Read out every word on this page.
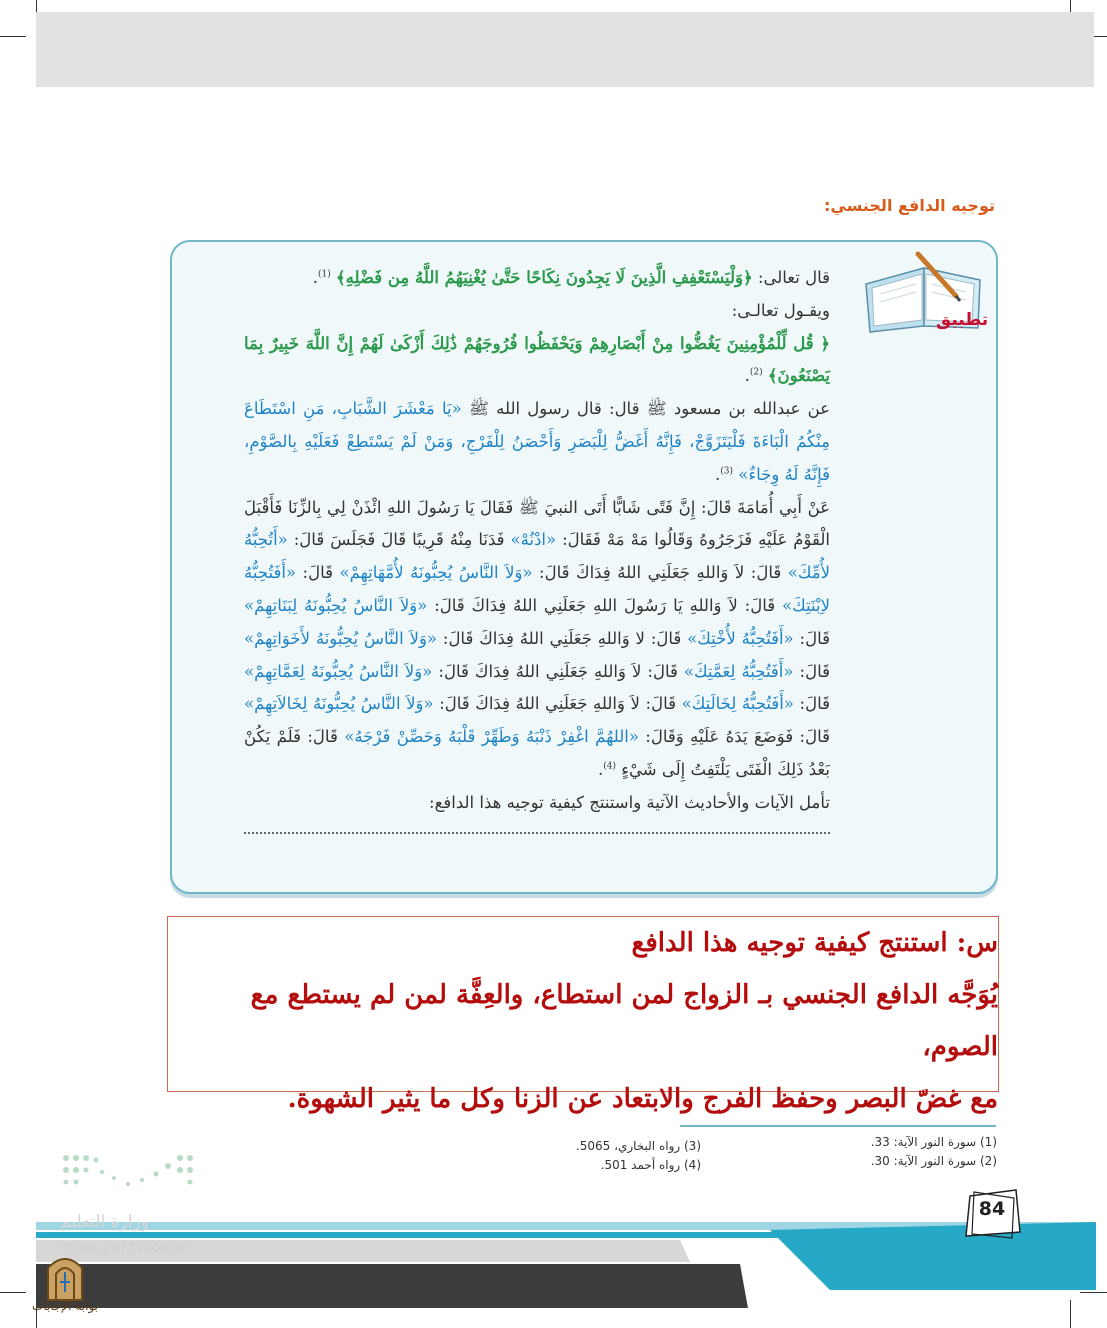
توجيه الدافع الجنسي:
تطبيق

قال تعالى: ﴿وَلْيَسْتَعْفِفِ الَّذِينَ لَا يَجِدُونَ نِكَاحًا حَتَّىٰ يُغْنِيَهُمُ اللَّهُ مِن فَضْلِهِ﴾ $^{(1)}$.

ويقـول تعالـى:

﴿ قُل لِّلْمُؤْمِنِينَ يَغُضُّوا مِنْ أَبْصَارِهِمْ وَيَحْفَظُوا فُرُوجَهُمْ ذَٰلِكَ أَزْكَىٰ لَهُمْ إِنَّ اللَّهَ خَبِيرٌ بِمَا يَصْنَعُونَ﴾ $^{(2)}$.

عن عبدالله بن مسعود ﷺ قال: قال رسول الله ﷺ «يَا مَعْشَرَ الشَّبَابِ، مَنِ اسْتَطَاعَ مِنْكُمُ الْبَاءَةَ فَلْيَتَزَوَّجْ، فَإِنَّهُ أَغَضُّ لِلْبَصَرِ وَأَحْصَنُ لِلْفَرْجِ، وَمَنْ لَمْ يَسْتَطِعْ فَعَلَيْهِ بِالصَّوْمِ، فَإِنَّهُ لَهُ وِجَاءٌ» $^{(3)}$.

عَنْ أَبِي أُمَامَةَ قَالَ: إِنَّ فَتًى شَابًّا أَتَى النبيَ ﷺ فَقَالَ يَا رَسُولَ اللهِ ائْذَنْ لِي بِالزِّنَا فَأَقْبَلَ الْقَوْمُ عَلَيْهِ فَزَجَرُوهُ وَقَالُوا مَهْ مَهْ فَقَالَ: «ادْنُهْ» فَدَنَا مِنْهُ قَرِيبًا قَالَ فَجَلَسَ قَالَ: «أَتُحِبُّهُ لأُمِّكَ» قَالَ: لاَ وَاللهِ جَعَلَنِي اللهُ فِدَاكَ قَالَ: «وَلاَ النَّاسُ يُحِبُّونَهُ لأُمَّهَاتِهِمْ» قَالَ: «أَفَتُحِبُّهُ لاِبْنَتِكَ» قَالَ: لاَ وَاللهِ يَا رَسُولَ اللهِ جَعَلَنِي اللهُ فِدَاكَ قَالَ: «وَلاَ النَّاسُ يُحِبُّونَهُ لِبَنَاتِهِمْ» قَالَ: «أَفَتُحِبُّهُ لأُخْتِكَ» قَالَ: لا وَاللهِ جَعَلَنِي اللهُ فِدَاكَ قَالَ: «وَلاَ النَّاسُ يُحِبُّونَهُ لأَخَوَاتِهِمْ» قَالَ: «أَفَتُحِبُّهُ لِعَمَّتِكَ» قَالَ: لاَ وَاللهِ جَعَلَنِي اللهُ فِدَاكَ قَالَ: «وَلاَ النَّاسُ يُحِبُّونَهُ لِعَمَّاتِهِمْ» قَالَ: «أَفَتُحِبُّهُ لِخَالَتِكَ» قَالَ: لاَ وَاللهِ جَعَلَنِي اللهُ فِدَاكَ قَالَ: «وَلاَ النَّاسُ يُحِبُّونَهُ لِخَالاَتِهِمْ» قَالَ: فَوَضَعَ يَدَهُ عَلَيْهِ وَقَالَ: «اللهُمَّ اغْفِرْ ذَنْبَهُ وَطَهِّرْ قَلْبَهُ وَحَصِّنْ فَرْجَهُ» قَالَ: فَلَمْ يَكُنْ بَعْدُ ذَلِكَ الْفَتَى يَلْتَفِتُ إِلَى شَيْءٍ $^{(4)}$.

تأمل الآيات والأحاديث الآتية واستنتج كيفية توجيه هذا الدافع:

س: استنتج كيفية توجيه هذا الدافع
يُوَجَّه الدافع الجنسي بـ الزواج لمن استطاع، والعِفَّة لمن لم يستطع مع الصوم،
مع غضّ البصر وحفظ الفرج والابتعاد عن الزنا وكل ما يثير الشهوة.
(1) سورة النور الآية: 33.
(2) سورة النور الآية: 30.
(3) رواه البخاري، 5065.
(4) رواه أحمد 501.
84
وزارة التعليم
Ministry of Education
بوابة الإجابات
